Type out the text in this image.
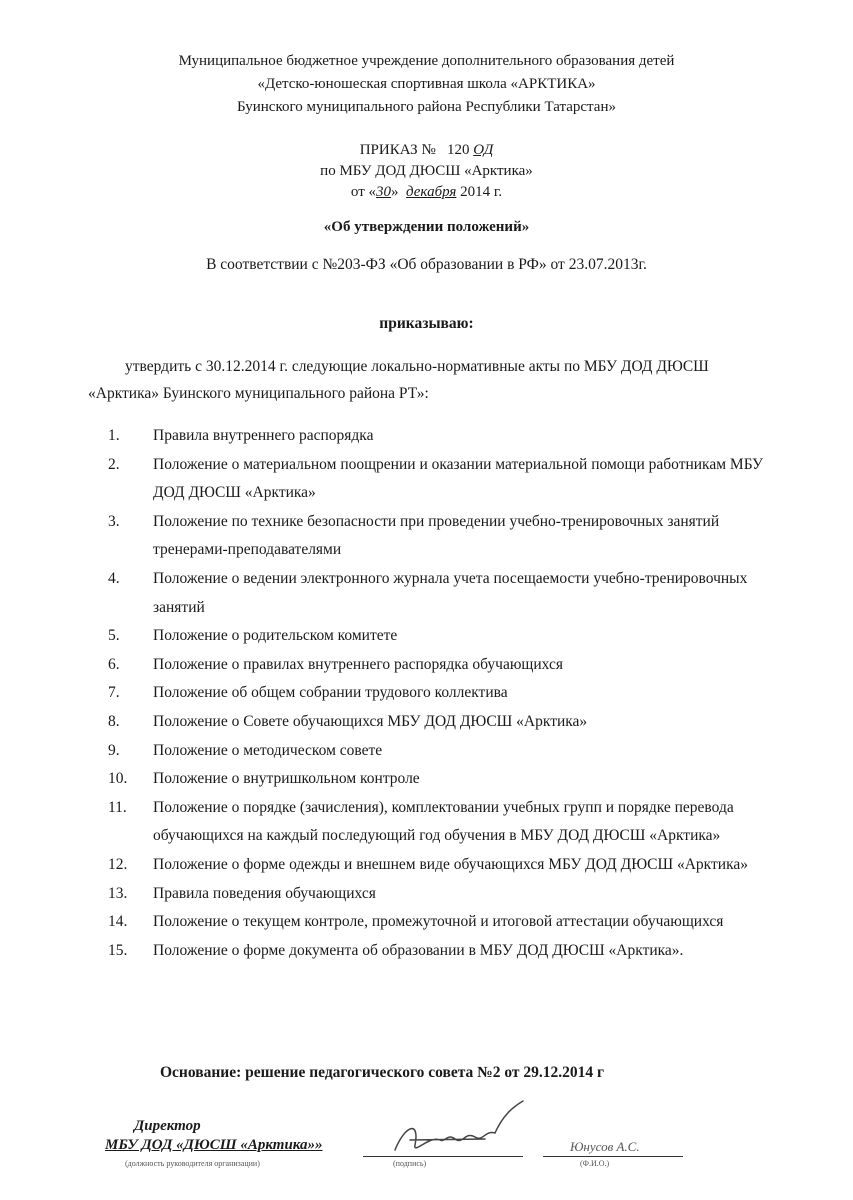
Муниципальное бюджетное учреждение дополнительного образования детей
«Детско-юношеская спортивная школа «АРКТИКА»
Буинского муниципального района Республики Татарстан»
ПРИКАЗ №   120 ОД
по МБУ ДОД ДЮСШ «Арктика»
от «30»  декабря 2014 г.
«Об утверждении положений»
В соответствии с №203-ФЗ «Об образовании в РФ» от 23.07.2013г.
приказываю:
утвердить с 30.12.2014 г. следующие локально-нормативные акты по МБУ ДОД ДЮСШ «Арктика» Буинского муниципального района РТ»:
1. Правила внутреннего распорядка
2. Положение о материальном поощрении и оказании материальной помощи работникам МБУ ДОД ДЮСШ «Арктика»
3. Положение по технике безопасности при проведении учебно-тренировочных занятий тренерами-преподавателями
4. Положение о ведении электронного журнала учета посещаемости учебно-тренировочных занятий
5. Положение о родительском комитете
6. Положение о правилах внутреннего распорядка обучающихся
7. Положение об общем собрании трудового коллектива
8. Положение о Совете обучающихся МБУ ДОД ДЮСШ «Арктика»
9. Положение о методическом совете
10. Положение о внутришкольном контроле
11. Положение о порядке (зачисления), комплектовании учебных групп и порядке перевода обучающихся на каждый последующий год обучения в МБУ ДОД ДЮСШ «Арктика»
12. Положение о форме одежды и внешнем виде обучающихся МБУ ДОД ДЮСШ «Арктика»
13. Правила поведения обучающихся
14. Положение о текущем контроле, промежуточной и итоговой аттестации обучающихся
15. Положение о форме документа об образовании в МБУ ДОД ДЮСШ «Арктика».
Основание: решение педагогического совета №2 от 29.12.2014 г
Директор
МБУ ДОД «ДЮСШ «Арктика»»
(должность руководителя организации)	(подпись)
Юнусов А.С.
(Ф.И.О.)
